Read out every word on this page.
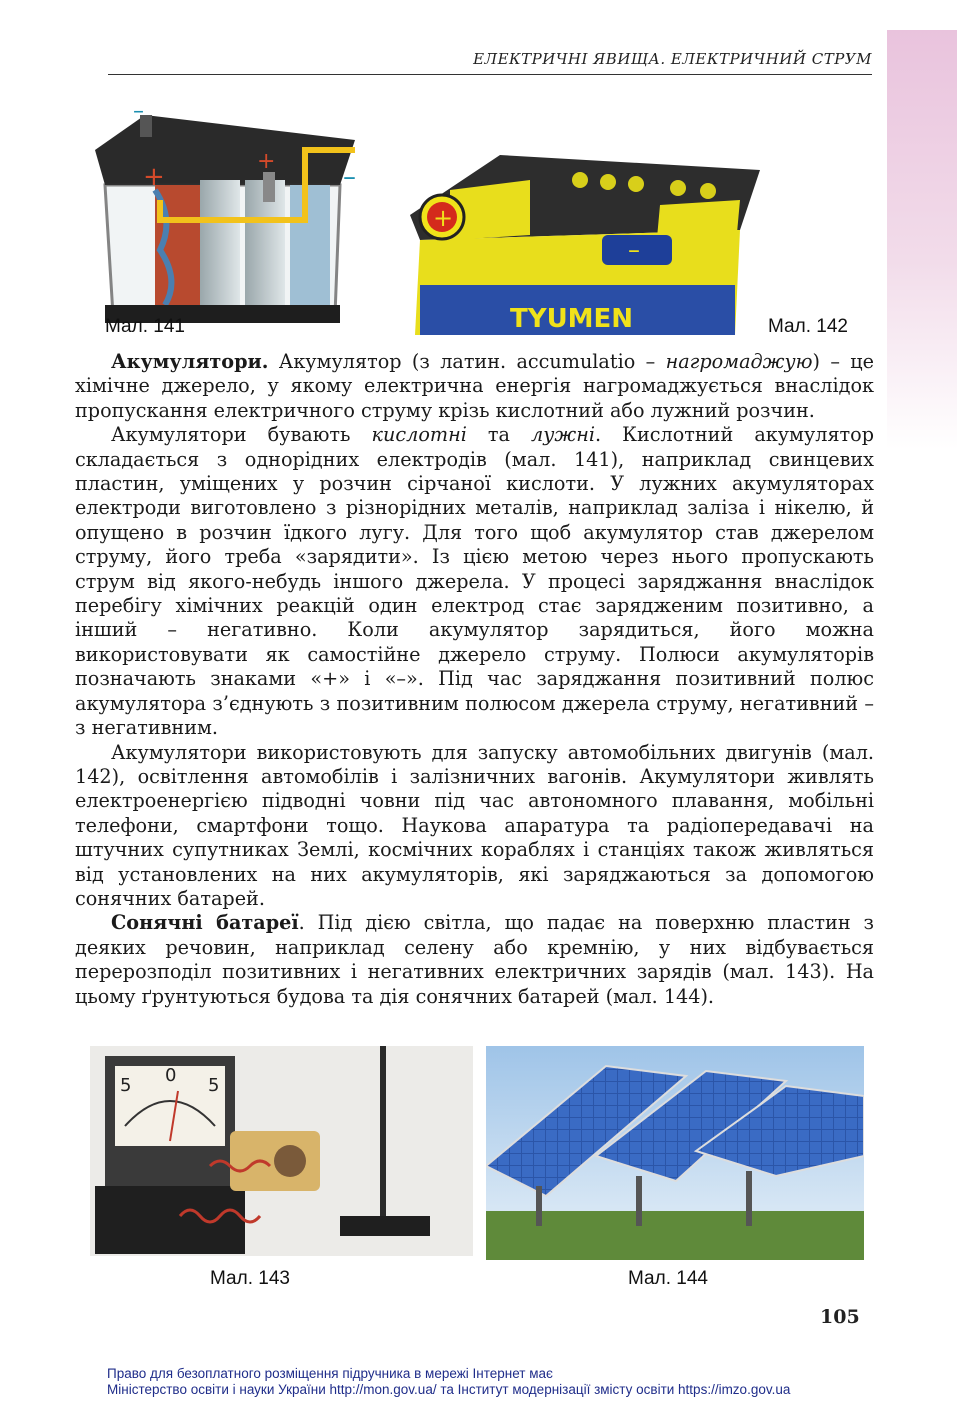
ЕЛЕКТРИЧНІ ЯВИЩА. ЕЛЕКТРИЧНИЙ СТРУМ
+	–
+
–
Мал. 141
+
–
TYUMEN	Мал. 142

Акумулятори. Акумулятор (з латин. accumulatio – нагромаджую) – це хімічне джерело, у якому електрична енергія нагромаджується внаслідок пропускання електричного струму крізь кислотний або лужний розчин.

Акумулятори бувають кислотні та лужні. Кислотний акумулятор складається з однорідних електродів (мал. 141), наприклад свинцевих пластин, уміщених у розчин сірчаної кислоти. У лужних акумуляторах електроди виготовлено з різнорідних металів, наприклад заліза і нікелю, й опущено в розчин їдкого лугу. Для того щоб акумулятор став джерелом струму, його треба «зарядити». Із цією метою через нього пропускають струм від якого-небудь іншого джерела. У процесі заряджання внаслідок перебігу хімічних реакцій один електрод стає зарядженим позитивно, а інший – негативно. Коли акумулятор зарядиться, його можна використовувати як самостійне джерело струму. Полюси акумуляторів позначають знаками «+» і «–». Під час заряджання позитивний полюс акумулятора з’єднують з позитивним полюсом джерела струму, негативний – з негативним.

Акумулятори використовують для запуску автомобільних двигунів (мал. 142), освітлення автомобілів і залізничних вагонів. Акумулятори живлять електроенергією підводні човни під час автономного плавання, мобільні телефони, смартфони тощо. Наукова апаратура та радіопередавачі на штучних супутниках Землі, космічних кораблях і станціях також живляться від установлених на них акумуляторів, які заряджаються за допомогою сонячних батарей.

Сонячні батареї. Під дією світла, що падає на поверхню пластин з деяких речовин, наприклад селену або кремнію, у них відбувається перерозподіл позитивних і негативних електричних зарядів (мал. 143). На цьому ґрунтуються будова та дія сонячних батарей (мал. 144).

5 0 5
Мал. 143	Мал. 144
105
Право для безоплатного розміщення підручника в мережі Інтернет має
Міністерство освіти і науки України http://mon.gov.ua/ та Інститут модернізації змісту освіти https://imzo.gov.ua
